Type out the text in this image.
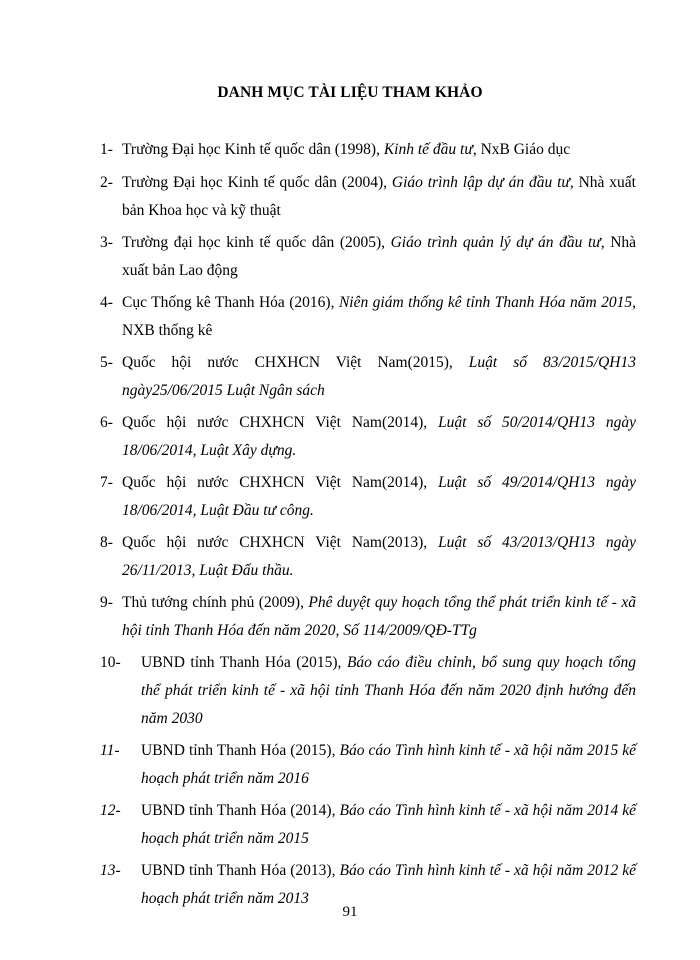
DANH MỤC TÀI LIỆU THAM KHẢO
1- Trường Đại học Kinh tế quốc dân (1998), Kinh tế đầu tư, NxB Giáo dục
2- Trường Đại học Kinh tế quốc dân (2004), Giáo trình lập dự án đầu tư, Nhà xuất bản Khoa học và kỹ thuật
3- Trường đại học kinh tế quốc dân (2005), Giáo trình quản lý dự án đầu tư, Nhà xuất bản Lao động
4- Cục Thống kê Thanh Hóa (2016), Niên giám thống kê tỉnh Thanh Hóa năm 2015, NXB thống kê
5- Quốc hội nước CHXHCN Việt Nam(2015), Luật số 83/2015/QH13 ngày25/06/2015 Luật Ngân sách
6- Quốc hội nước CHXHCN Việt Nam(2014), Luật số 50/2014/QH13 ngày 18/06/2014, Luật Xây dựng.
7- Quốc hội nước CHXHCN Việt Nam(2014), Luật số 49/2014/QH13 ngày 18/06/2014, Luật Đầu tư công.
8- Quốc hội nước CHXHCN Việt Nam(2013), Luật số 43/2013/QH13 ngày 26/11/2013, Luật Đấu thầu.
9- Thủ tướng chính phủ (2009), Phê duyệt quy hoạch tổng thể phát triển kinh tế - xã hội tỉnh Thanh Hóa đến năm 2020, Số 114/2009/QĐ-TTg
10-	UBND tỉnh Thanh Hóa (2015), Báo cáo điều chỉnh, bổ sung quy hoạch tổng thể phát triển kinh tế - xã hội tỉnh Thanh Hóa đến năm 2020 định hướng đến năm 2030
11-	UBND tỉnh Thanh Hóa (2015), Báo cáo Tình hình kinh tế - xã hội năm 2015 kế hoạch phát triển năm 2016
12-	UBND tỉnh Thanh Hóa (2014), Báo cáo Tình hình kinh tế - xã hội năm 2014 kế hoạch phát triển năm 2015
13-	UBND tỉnh Thanh Hóa (2013), Báo cáo Tình hình kinh tế - xã hội năm 2012 kế hoạch phát triển năm 2013
91
